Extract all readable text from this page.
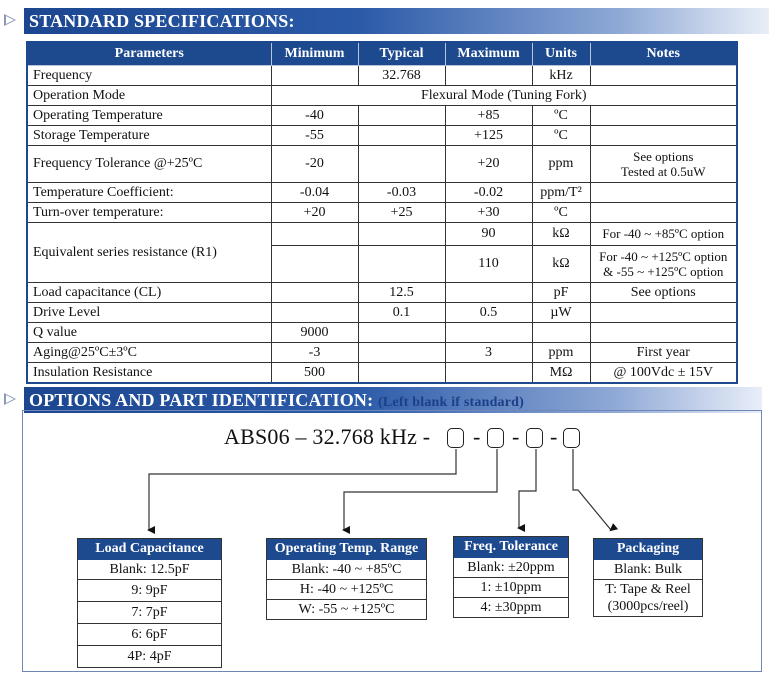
STANDARD SPECIFICATIONS:
Parameters	Minimum	Typical	Maximum	Units	Notes
Frequency		32.768		kHz	
Operation Mode	Flexural Mode (Tuning Fork)				
Operating Temperature	-40		+85	ºC	
Storage Temperature	-55		+125	ºC	
Frequency Tolerance @+25ºC	-20		+20	ppm	See options
Tested at 0.5uW

Temperature Coefficient:	-0.04	-0.03	-0.02	ppm/T²	
Turn-over temperature:	+20	+25	+30	ºC	
Equivalent series resistance (R1)			90	kΩ	For -40 ~ +85ºC option
			110	kΩ	For -40 ~ +125ºC option
& -55 ~ +125ºC option

Load capacitance (CL)		12.5		pF	See options
Drive Level		0.1	0.5	µW	
Q value	9000				
Aging@25ºC±3ºC	-3		3	ppm	First year
Insulation Resistance	500			MΩ	@ 100Vdc ± 15V
OPTIONS AND PART IDENTIFICATION: (Left blank if standard)
ABS06 – 32.768 kHz - - - -
Load Capacitance
Blank: 12.5pF
9: 9pF
7: 7pF
6: 6pF
4P: 4pF
Operating Temp. Range
Blank: -40 ~ +85ºC
H: -40 ~ +125ºC
W: -55 ~ +125ºC
Freq. Tolerance
Blank: ±20ppm
1: ±10ppm
4: ±30ppm
Packaging
Blank: Bulk
T: Tape & Reel (3000pcs/reel)
